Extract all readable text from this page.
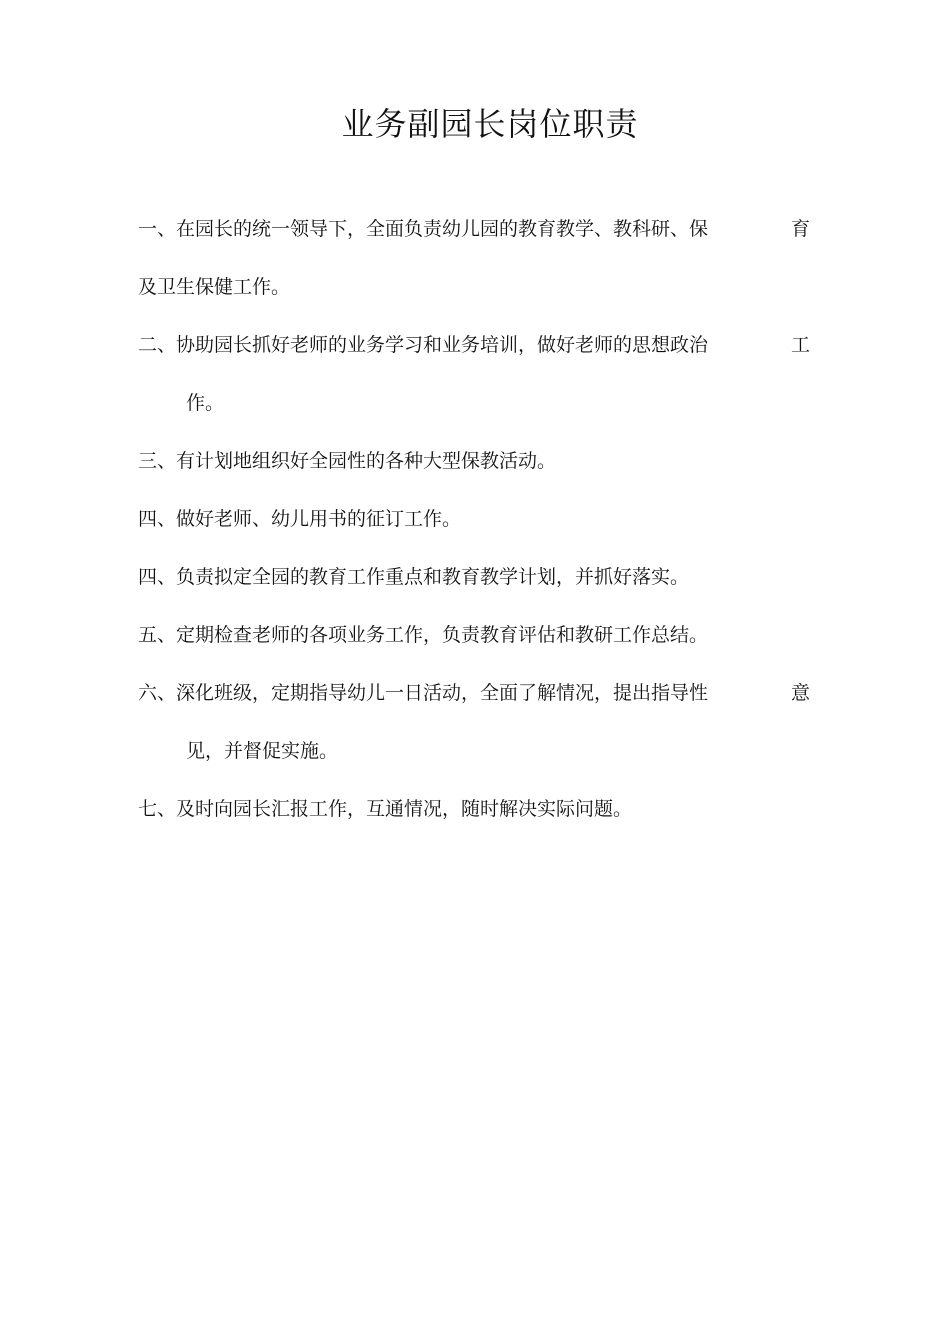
业务副园长岗位职责

一、在园长的统一领导下，全面负责幼儿园的教育教学、教科研、保	育
及卫生保健工作。

二、协助园长抓好老师的业务学习和业务培训，做好老师的思想政治	工
作。

三、有计划地组织好全园性的各种大型保教活动。

四、做好老师、幼儿用书的征订工作。

四、负责拟定全园的教育工作重点和教育教学计划，并抓好落实。

五、定期检查老师的各项业务工作，负责教育评估和教研工作总结。

六、深化班级，定期指导幼儿一日活动，全面了解情况，提出指导性	意
见，并督促实施。

七、及时向园长汇报工作，互通情况，随时解决实际问题。
